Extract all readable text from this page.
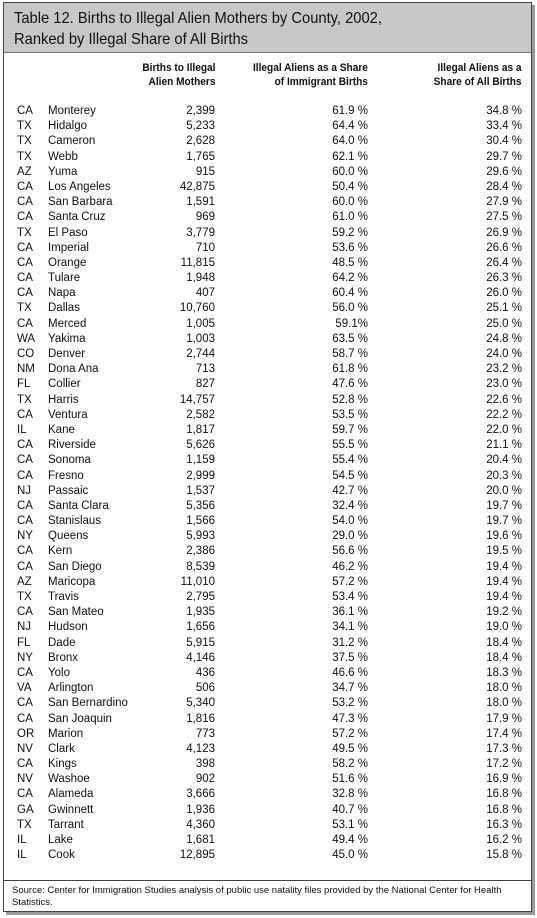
Table 12. Births to Illegal Alien Mothers by County, 2002,
Ranked by Illegal Share of All Births
Births to Illegal
Alien Mothers
Illegal Aliens as a Share
of Immigrant Births
Illegal Aliens as a
Share of All Births
CA Monterey	2,399	61.9 %	34.8 %
TX Hidalgo	5,233	64.4 %	33.4 %
TX Cameron	2,628	64.0 %	30.4 %
TX Webb	1,765	62.1 %	29.7 %
AZ Yuma	915	60.0 %	29.6 %
CA Los Angeles	42,875	50.4 %	28.4 %
CA San Barbara	1,591	60.0 %	27.9 %
CA Santa Cruz	969	61.0 %	27.5 %
TX El Paso	3,779	59.2 %	26.9 %
CA Imperial	710	53.6 %	26.6 %
CA Orange	11,815	48.5 %	26.4 %
CA Tulare	1,948	64.2 %	26.3 %
CA Napa	407	60.4 %	26.0 %
TX Dallas	10,760	56.0 %	25.1 %
CA Merced	1,005	59.1%	25.0 %
WA Yakima	1,003	63.5 %	24.8 %
CO Denver	2,744	58.7 %	24.0 %
NM Dona Ana	713	61.8 %	23.2 %
FL Collier	827	47.6 %	23.0 %
TX Harris	14,757	52.8 %	22.6 %
CA Ventura	2,582	53.5 %	22.2 %
IL Kane	1,817	59.7 %	22.0 %
CA Riverside	5,626	55.5 %	21.1 %
CA Sonoma	1,159	55.4 %	20.4 %
CA Fresno	2,999	54.5 %	20.3 %
NJ Passaic	1,537	42.7 %	20.0 %
CA Santa Clara	5,356	32.4 %	19.7 %
CA Stanislaus	1,566	54.0 %	19.7 %
NY Queens	5,993	29.0 %	19.6 %
CA Kern	2,386	56.6 %	19.5 %
CA San Diego	8,539	46.2 %	19.4 %
AZ Maricopa	11,010	57.2 %	19.4 %
TX Travis	2,795	53.4 %	19.4 %
CA San Mateo	1,935	36.1 %	19.2 %
NJ Hudson	1,656	34.1 %	19.0 %
FL Dade	5,915	31.2 %	18.4 %
NY Bronx	4,146	37.5 %	18.4 %
CA Yolo	436	46.6 %	18.3 %
VA Arlington	506	34.7 %	18.0 %
CA San Bernardino	5,340	53.2 %	18.0 %
CA San Joaquin	1,816	47.3 %	17.9 %
OR Marion	773	57.2 %	17.4 %
NV Clark	4,123	49.5 %	17.3 %
CA Kings	398	58.2 %	17.2 %
NV Washoe	902	51.6 %	16.9 %
CA Alameda	3,666	32.8 %	16.8 %
GA Gwinnett	1,936	40.7 %	16.8 %
TX Tarrant	4,360	53.1 %	16.3 %
IL Lake	1,681	49.4 %	16.2 %
IL Cook	12,895	45.0 %	15.8 %
Source: Center for Immigration Studies analysis of public use natality files provided by the National Center for Health Statistics.
